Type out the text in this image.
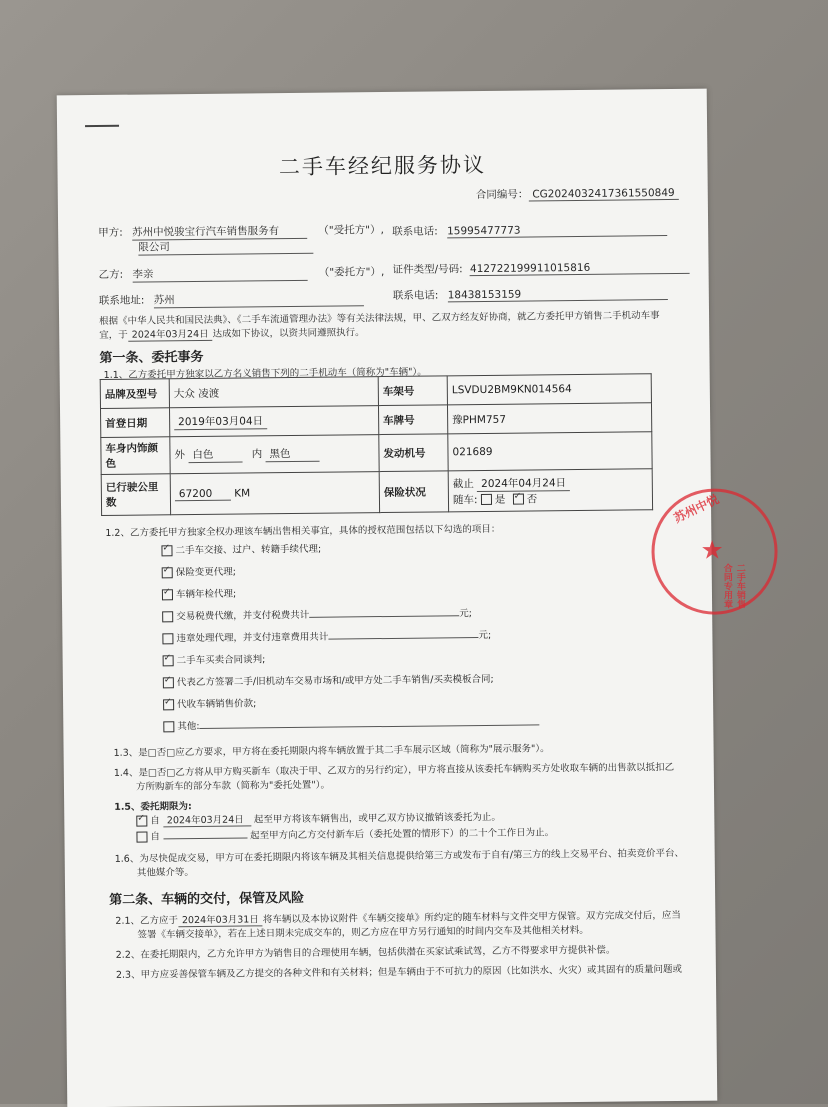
二手车经纪服务协议
合同编号： CG20240324173615508​49
甲方: 苏州中悦骏宝行汽车销售服务有	（"受托方"）,
限公司
联系电话: 15995477773
乙方: 李亲	（"委托方"）, 证件类型/号码: 412722199911015816
联系地址: 苏州	联系电话: 18438153159
根据《中华人民共和国民法典》、《二手车流通管理办法》等有关法律法规，甲、乙双方经友好协商，就乙方委托甲方销售二手机动车事
宜，于 2024年03月24日 达成如下协议，以资共同遵照执行。
第一条、委托事务
1.1、乙方委托甲方独家以乙方名义销售下列的二手机动车（简称为"车辆"）。
品牌及型号	大众 凌渡	车架号	LSVDU2BM9KN014564
首登日期	2019年03月04日	车牌号	豫PHM757
车身内饰颜色	外 白色 内 黑色	发动机号	021689
已行驶公里数	67200 KM	保险状况	截止 2024年04月24日
随车: 是 ✓ 否
1.2、乙方委托甲方独家全权办理该车辆出售相关事宜，具体的授权范围包括以下勾选的项目：
✓二手车交接、过户、转籍手续代理;
✓保险变更代理;
✓车辆年检代理;
交易税费代缴，并支付税费共计	元;
违章处理代理，并支付违章费用共计	元;
✓二手车买卖合同谈判;
✓代表乙方签署二手/旧机动车交易市场和/或甲方处二手车销售/买卖模板合同;
✓代收车辆销售价款;
其他:
1.3、是□否□应乙方要求，甲方将在委托期限内将车辆放置于其二手车展示区域（简称为"展示服务"）。
1.4、是□否□乙方将从甲方购买新车（取决于甲、乙双方的另行约定），甲方将直接从该委托车辆购买方处收取车辆的出售款以抵扣乙
方所购新车的部分车款（简称为"委托处置"）。
1.5、委托期限为:
✓自 2024年03月24日 起至甲方将该车辆售出，或甲乙双方协议撤销该委托为止。
自	起至甲方向乙方交付新车后（委托处置的情形下）的二十个工作日为止。
1.6、为尽快促成交易，甲方可在委托期限内将该车辆及其相关信息提供给第三方或发布于自有/第三方的线上交易平台、拍卖竞价平台、
其他媒介等。
第二条、车辆的交付，保管及风险
2.1、乙方应于 2024年03月31日 将车辆以及本协议附件《车辆交接单》所约定的随车材料与文件交甲方保管。双方完成交付后，应当
签署《车辆交接单》，若在上述日期未完成交车的，则乙方应在甲方另行通知的时间内交车及其他相关材料。
2.2、在委托期限内，乙方允许甲方为销售目的合理使用车辆，包括供潜在买家试乘试驾，乙方不得要求甲方提供补偿。
2.3、甲方应妥善保管车辆及乙方提交的各种文件和有关材料；但是车辆由于不可抗力的原因（比如洪水、火灾）或其固有的质量问题或
苏州中悦
★
二手车销售合同专用章
